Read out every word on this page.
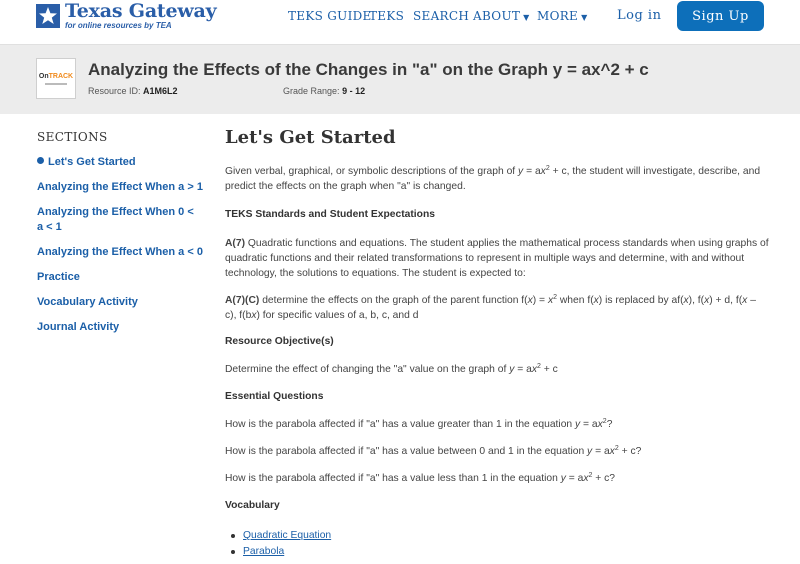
Texas Gateway
for online resources by TEA
TEKS GUIDE
TEKS SEARCH ABOUT ▼ MORE ▼ Log in	Sign Up
OnTRACK Analyzing the Effects of the Changes in "a" on the Graph y = ax^2 + c
Resource ID: A1M6L2	Grade Range: 9 - 12
SECTIONS
Let's Get Started
Analyzing the Effect When a > 1
Analyzing the Effect When 0 < a < 1
Analyzing the Effect When a < 0
Practice
Vocabulary Activity
Journal Activity
Let's Get Started
Given verbal, graphical, or symbolic descriptions of the graph of $y = ax^2 + c$, the student will investigate, describe, and predict the effects on the graph when "a" is changed.
TEKS Standards and Student Expectations
A(7) Quadratic functions and equations. The student applies the mathematical process standards when using graphs of quadratic functions and their related transformations to represent in multiple ways and determine, with and without technology, the solutions to equations. The student is expected to:
A(7)(C) determine the effects on the graph of the parent function $f(x) = x^2$ when f(x) is replaced by af(x), f(x) + d, f(x – c), f(bx) for specific values of a, b, c, and d
Resource Objective(s)
Determine the effect of changing the "a" value on the graph of $y = ax^2 + c$
Essential Questions
How is the parabola affected if "a" has a value greater than 1 in the equation $y = ax^2$?
How is the parabola affected if "a" has a value between 0 and 1 in the equation $y = ax^2 + c$?
How is the parabola affected if "a" has a value less than 1 in the equation $y = ax^2 + c$?
Vocabulary
Quadratic Equation
Parabola
